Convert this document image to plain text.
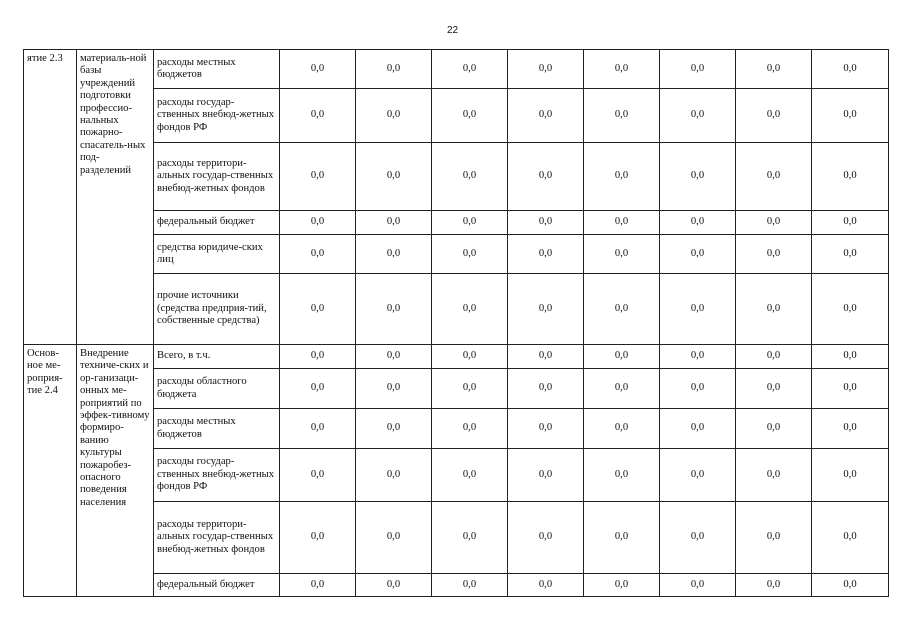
22
ятие 2.3	материаль-ной базы учреждений подготовки профессио-нальных пожарно-спасатель-ных под-разделений	расходы местных бюджетов	0,0	0,0	0,0	0,0	0,0	0,0	0,0	0,0
		расходы государ-ственных внебюд-жетных фондов РФ	0,0	0,0	0,0	0,0	0,0	0,0	0,0	0,0
		расходы территори-альных государ-ственных внебюд-жетных фондов	0,0	0,0	0,0	0,0	0,0	0,0	0,0	0,0
		федеральный бюджет	0,0	0,0	0,0	0,0	0,0	0,0	0,0	0,0
		средства юридиче-ских лиц	0,0	0,0	0,0	0,0	0,0	0,0	0,0	0,0
		прочие источники (средства предприя-тий, собственные средства)	0,0	0,0	0,0	0,0	0,0	0,0	0,0	0,0
Основ-ное ме-роприя-тие 2.4	Внедрение техниче-ских и ор-ганизаци-онных ме-роприятий по эффек-тивному формиро-ванию культуры пожаробез-опасного поведения населения	Всего, в т.ч.	0,0	0,0	0,0	0,0	0,0	0,0	0,0	0,0
		расходы областного бюджета	0,0	0,0	0,0	0,0	0,0	0,0	0,0	0,0
		расходы местных бюджетов	0,0	0,0	0,0	0,0	0,0	0,0	0,0	0,0
		расходы государ-ственных внебюд-жетных фондов РФ	0,0	0,0	0,0	0,0	0,0	0,0	0,0	0,0
		расходы территори-альных государ-ственных внебюд-жетных фондов	0,0	0,0	0,0	0,0	0,0	0,0	0,0	0,0
		федеральный бюджет	0,0	0,0	0,0	0,0	0,0	0,0	0,0	0,0
